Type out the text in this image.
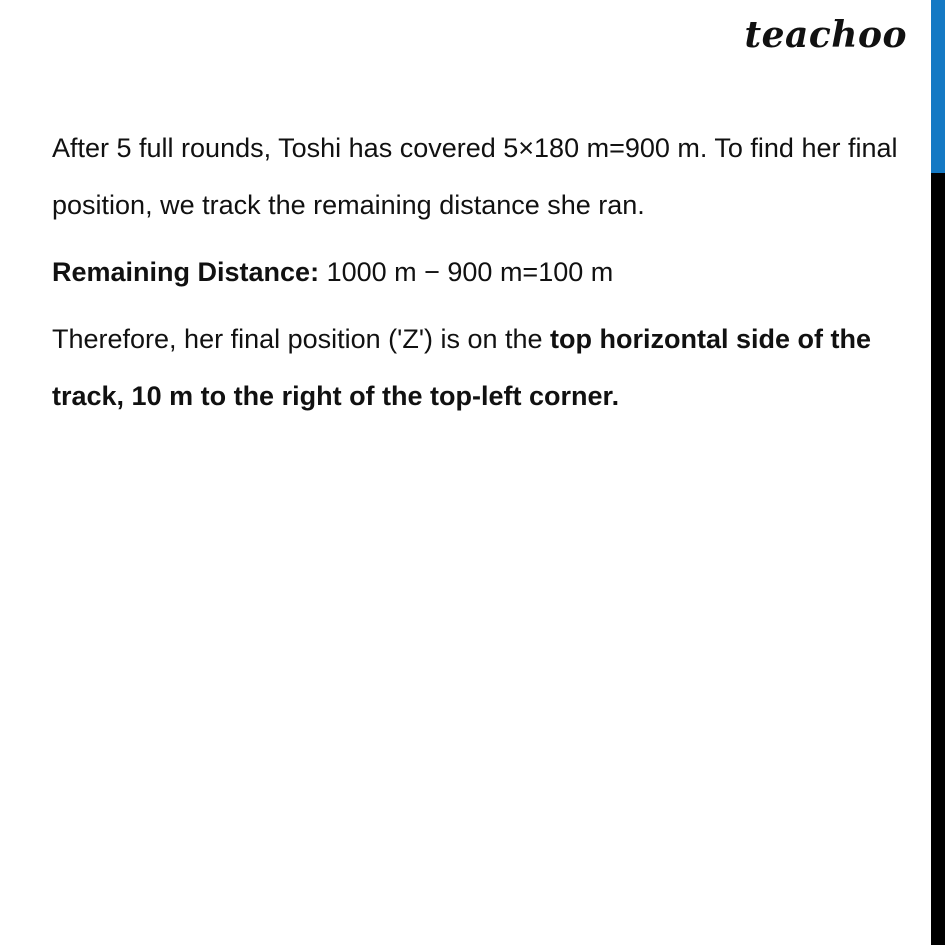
teachoo

After 5 full rounds, Toshi has covered 5×180 m=900 m. To find her final position, we track the remaining distance she ran.

Remaining Distance: 1000 m − 900 m=100 m

Therefore, her final position ('Z') is on the top horizontal side of the track, 10 m to the right of the top-left corner.
